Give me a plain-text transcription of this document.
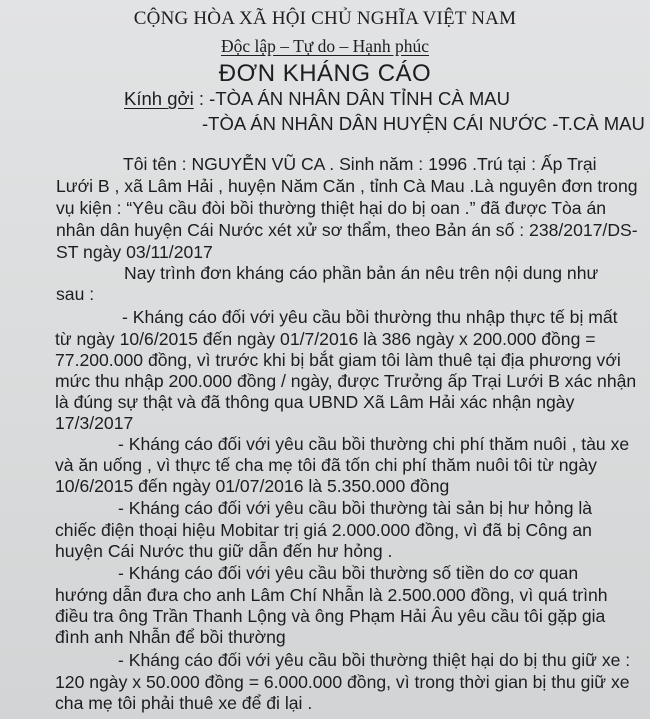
CỘNG HÒA XÃ HỘI CHỦ NGHĨA VIỆT NAM
Độc lập – Tự do – Hạnh phúc
ĐƠN KHÁNG CÁO
Kính gởi : -TÒA ÁN NHÂN DÂN TỈNH CÀ MAU
-TÒA ÁN NHÂN DÂN HUYỆN CÁI NƯỚC -T.CÀ MAU
Tôi tên : NGUYỄN VŨ CA . Sinh năm : 1996 .Trú tại : Ấp Trại
Lưới B , xã Lâm Hải , huyện Năm Căn , tỉnh Cà Mau .Là nguyên đơn trong
vụ kiện : “Yêu cầu đòi bồi thường thiệt hại do bị oan .” đã được Tòa án
nhân dân huyện Cái Nước xét xử sơ thẩm, theo Bản án số : 238/2017/DS-
ST ngày 03/11/2017
Nay trình đơn kháng cáo phần bản án nêu trên nội dung như
sau :
- Kháng cáo đối với yêu cầu bồi thường thu nhập thực tế bị mất
từ ngày 10/6/2015 đến ngày 01/7/2016 là 386 ngày x 200.000 đồng =
77.200.000 đồng, vì trước khi bị bắt giam tôi làm thuê tại địa phương với
mức thu nhập 200.000 đồng / ngày, được Trưởng ấp Trại Lưới B xác nhận
là đúng sự thật và đã thông qua UBND Xã Lâm Hải xác nhận ngày
17/3/2017
- Kháng cáo đối với yêu cầu bồi thường chi phí thăm nuôi , tàu xe
và ăn uống , vì thực tế cha mẹ tôi đã tốn chi phí thăm nuôi tôi từ ngày
10/6/2015 đến ngày 01/07/2016 là 5.350.000 đồng
- Kháng cáo đối với yêu cầu bồi thường tài sản bị hư hỏng là
chiếc điện thoại hiệu Mobitar trị giá 2.000.000 đồng, vì đã bị Công an
huyện Cái Nước thu giữ dẫn đến hư hỏng .
- Kháng cáo đối với yêu cầu bồi thường số tiền do cơ quan
hướng dẫn đưa cho anh Lâm Chí Nhẫn là 2.500.000 đồng, vì quá trình
điều tra ông Trần Thanh Lộng và ông Phạm Hải Âu yêu cầu tôi gặp gia
đình anh Nhẫn để bồi thường
- Kháng cáo đối với yêu cầu bồi thường thiệt hại do bị thu giữ xe :
120 ngày x 50.000 đồng = 6.000.000 đồng, vì trong thời gian bị thu giữ xe
cha mẹ tôi phải thuê xe để đi lại .
